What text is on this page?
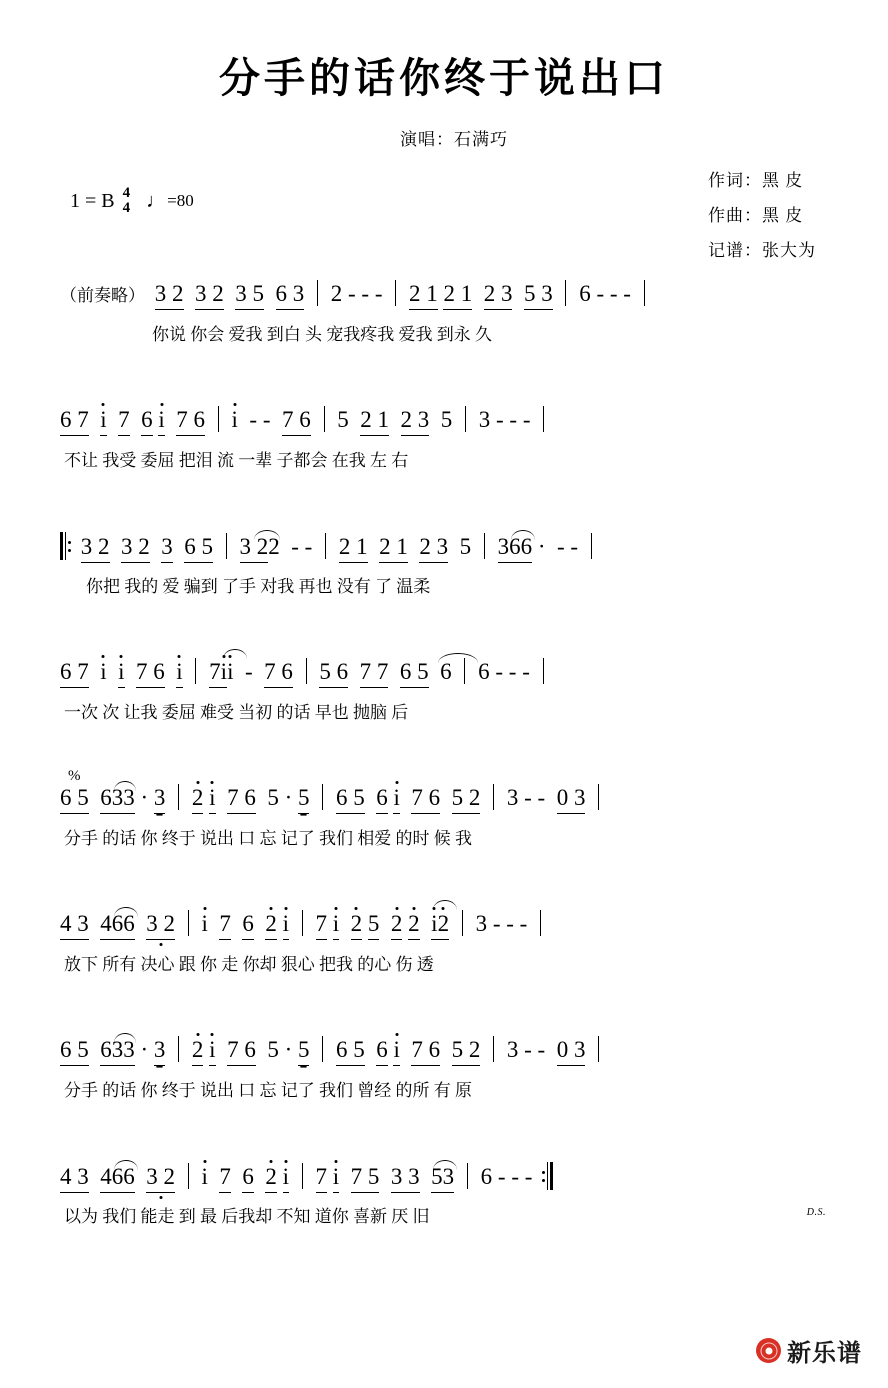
分手的话你终于说出口
演唱：石满巧
1 = B 4
4 ♩ =80
作词：黑 皮
作曲：黑 皮
记谱：张大为
（前奏略） 3 2 3 2 3 5 6 3 2 - - - 2 1 2 1 2 3 5 3 6 - - -
你说 你会 爱我 到白 头 宠我疼我 爱我 到永 久
6 7 i 7 6 i 7 6 i  - -  7 6 5 2 1 2 3 5 3 - - -
不让 我受 委屈 把泪 流 一辈 子都会 在我 左 右
3 2 3 2 3 6 5 3 22
- - 2 1 2 1 2 3 5 36
6 ·  - -
你把 我的 爱 骗到 了手 对我 再也 没有 了 温柔
6 7 i i 7 6 i 7i
i  -  7 6 5 6 7 7 6 5 6 6 - - -
一次 次 让我 委屈 难受 当初 的话 早也 抛脑 后
%
6 5 63
3 · 3 2 i 7 6 5 · 5 6 5 6 i 7 6 5 2 3 - - 0 3
分手 的话 你 终于 说出 口 忘 记了 我们 相爱 的时 候 我
4 3 46
6 3 2 i 7 6 2 i 7 i 2 5 2 2 i
2 3 - - -
放下 所有 决心 跟 你 走 你却 狠心 把我 的心 伤 透
6 5 63
3 · 3 2 i 7 6 5 · 5 6 5 6 i 7 6 5 2 3 - - 0 3
分手 的话 你 终于 说出 口 忘 记了 我们 曾经 的所 有 原
4 3 46
6 3 2 i 7 6 2 i 7 i 7 5 3 3 5
3 6 - - -
D.S.
以为 我们 能走 到 最 后我却 不知 道你 喜新 厌 旧
新乐谱
